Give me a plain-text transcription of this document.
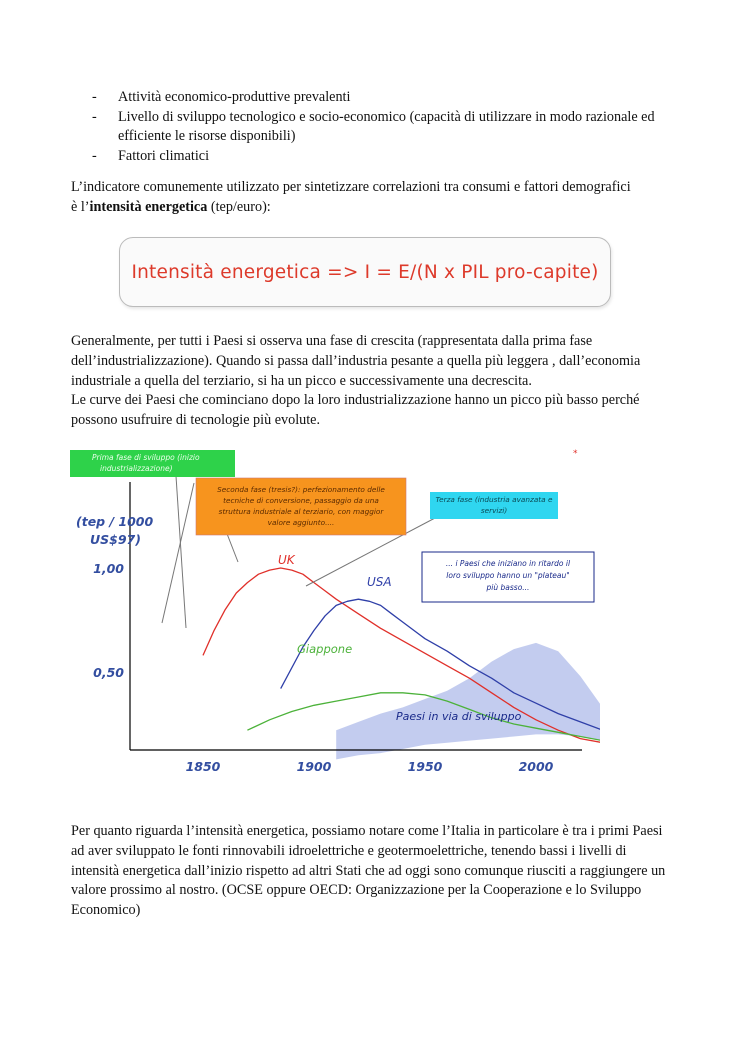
- Attività economico-produttive prevalenti
- Livello di sviluppo tecnologico e socio-economico (capacità di utilizzare in modo razionale ed efficiente le risorse disponibili)
- Fattori climatici

L’indicatore comunemente utilizzato per sintetizzare correlazioni tra consumi e fattori demografici
è l’intensità energetica (tep/euro):

Intensità energetica => I = E/(N x PIL pro-capite)

Generalmente, per tutti i Paesi si osserva una fase di crescita (rappresentata dalla prima fase dell’industrializzazione). Quando si passa dall’industria pesante a quella più leggera , dall’economia industriale a quella del terziario, si ha un picco e successivamente una decrescita.

Le curve dei Paesi che cominciano dopo la loro industrializzazione hanno un picco più basso perché possono usufruire di tecnologie più evolute.

1,00
0,50
1850	1900	1950	2000
(tep / 1000
US$97)
Prima fase di sviluppo (inizio
industrializzazione)
Seconda fase (tresis?): perfezionamento delle
tecniche di conversione, passaggio da una
struttura industriale al terziario, con maggior
valore aggiunto....
Terza fase (industria avanzata e
servizi)
... i Paesi che iniziano in ritardo il
loro sviluppo hanno un "plateau"
più basso...
UK
USA
Giappone
Paesi in via di sviluppo
*

Per quanto riguarda l’intensità energetica, possiamo notare come l’Italia in particolare è tra i primi Paesi ad aver sviluppato le fonti rinnovabili idroelettriche e geotermoelettriche, tenendo bassi i livelli di intensità energetica dall’inizio rispetto ad altri Stati che ad oggi sono comunque riusciti a raggiungere un valore prossimo al nostro. (OCSE oppure OECD: Organizzazione per la Cooperazione e lo Sviluppo Economico)
